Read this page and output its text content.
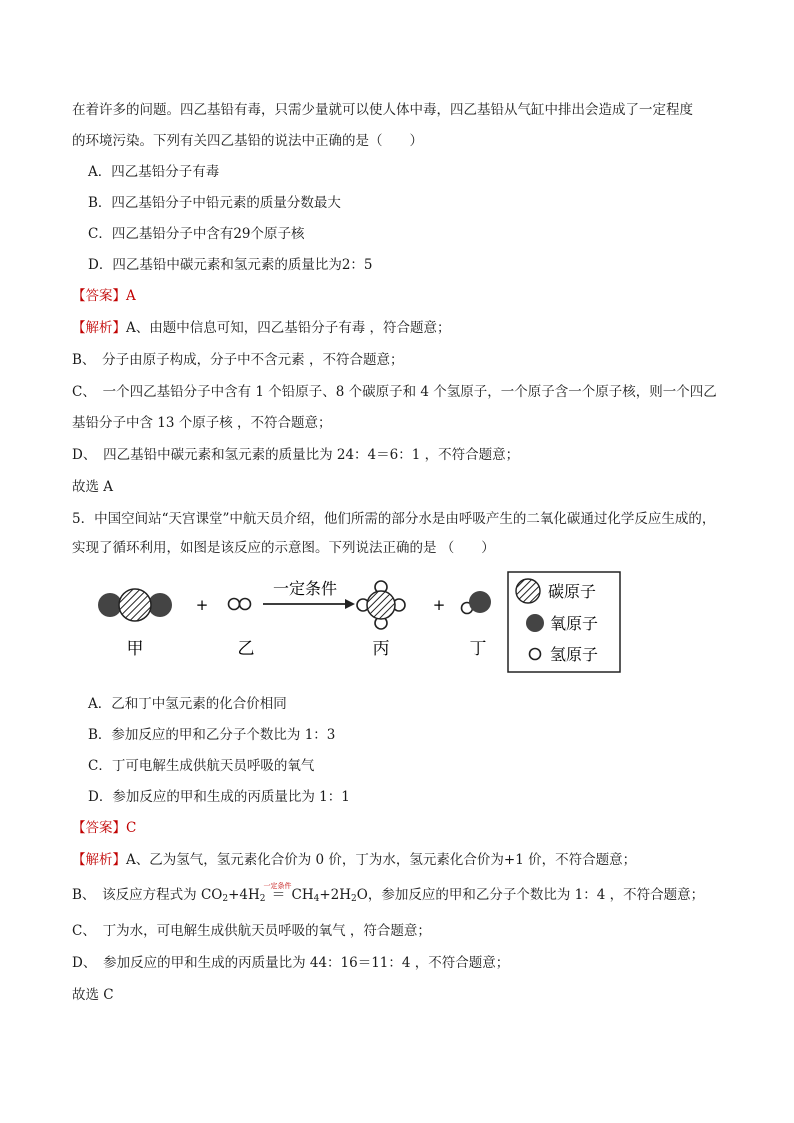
在着许多的问题。四乙基铅有毒，只需少量就可以使人体中毒，四乙基铅从气缸中排出会造成了一定程度
的环境污染。下列有关四乙基铅的说法中正确的是（　　）
A．四乙基铅分子有毒
B．四乙基铅分子中铅元素的质量分数最大
C．四乙基铅分子中含有29个原子核
D．四乙基铅中碳元素和氢元素的质量比为2：5
【答案】A
【解析】A、由题中信息可知，四乙基铅分子有毒 ，符合题意；
B、　分子由原子构成，分子中不含元素 ，不符合题意；
C、　一个四乙基铅分子中含有 1 个铅原子、8 个碳原子和 4 个氢原子，一个原子含一个原子核，则一个四乙
基铅分子中含 13 个原子核 ，不符合题意；
D、　四乙基铅中碳元素和氢元素的质量比为 24：4＝6：1 ，不符合题意；
故选 A
5．中国空间站“天宫课堂”中航天员介绍，他们所需的部分水是由呼吸产生的二氧化碳通过化学反应生成的，
实现了循环利用，如图是该反应的示意图。下列说法正确的是 （　　）
甲
+
乙
一定条件
丙
+
丁
碳原子
氧原子
氢原子
A．乙和丁中氢元素的化合价相同
B．参加反应的甲和乙分子个数比为 1：3
C．丁可电解生成供航天员呼吸的氧气
D．参加反应的甲和生成的丙质量比为 1：1
【答案】C
【解析】A、乙为氢气，氢元素化合价为 0 价，丁为水，氢元素化合价为+1 价，不符合题意；
B、　该反应方程式为 $CO_2+4H_2$
一定条件
＝ $CH_4+2H_2O$，参加反应的甲和乙分子个数比为 1：4 ，不符合题意；
C、　丁为水，可电解生成供航天员呼吸的氧气 ，符合题意；
D、　参加反应的甲和生成的丙质量比为 44：16＝11：4 ，不符合题意；
故选 C
